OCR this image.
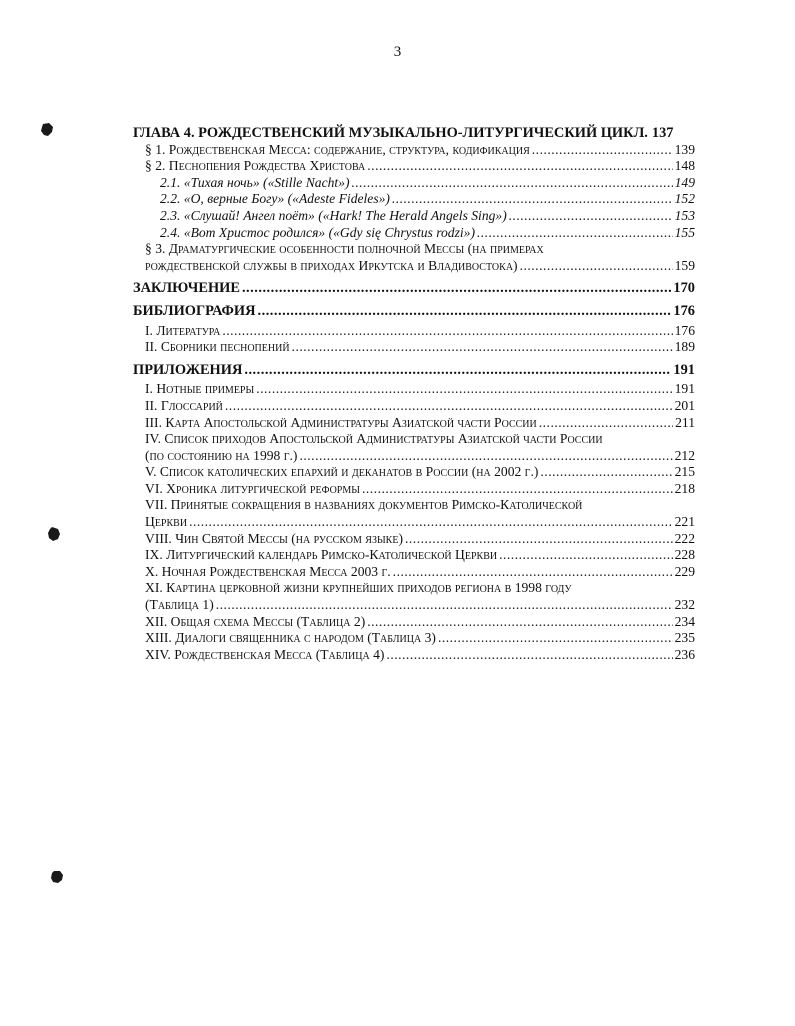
3
ГЛАВА 4. РОЖДЕСТВЕНСКИЙ МУЗЫКАЛЬНО-ЛИТУРГИЧЕСКИЙ ЦИКЛ. 137
§ 1. Рождественская Месса: содержание, структура, кодификация .....	139
§ 2. Песнопения Рождества Христова .....	148
2.1. «Тихая ночь» («Stille Nacht») .....	149
2.2. «О, верные Богу» («Adeste Fideles») .....	152
2.3. «Слушай! Ангел поёт» («Hark! The Herald Angels Sing») .....	153
2.4. «Вот Христос родился» («Gdy się Chrystus rodzi») .....	155
§ 3. Драматургические особенности полночной Мессы (на примерах
рождественской службы в приходах Иркутска и Владивостока) .....	159
ЗАКЛЮЧЕНИЕ .....	170
БИБЛИОГРАФИЯ .....	176
I. Литература .....	176
II. Сборники песнопений .....	189
ПРИЛОЖЕНИЯ .....	191
I. Нотные примеры .....	191
II. Глоссарий .....	201
III. Карта Апостольской Администратуры Азиатской части России .....	211
IV. Список приходов Апостольской Администратуры Азиатской части России
(по состоянию на 1998 г.) .....	212
V. Список католических епархий и деканатов в России (на 2002 г.) .....	215
VI. Хроника литургической реформы .....	218
VII. Принятые сокращения в названиях документов Римско-Католической
Церкви .....	221
VIII. Чин Святой Мессы (на русском языке) .....	222
IX. Литургический календарь Римско-Католической Церкви .....	228
X. Ночная Рождественская Месса 2003 г. .....	229
XI. Картина церковной жизни крупнейших приходов региона в 1998 году
(Таблица 1) .....	232
XII. Общая схема Мессы (Таблица 2) .....	234
XIII. Диалоги священника с народом (Таблица 3) .....	235
XIV. Рождественская Месса (Таблица 4) .....	236
